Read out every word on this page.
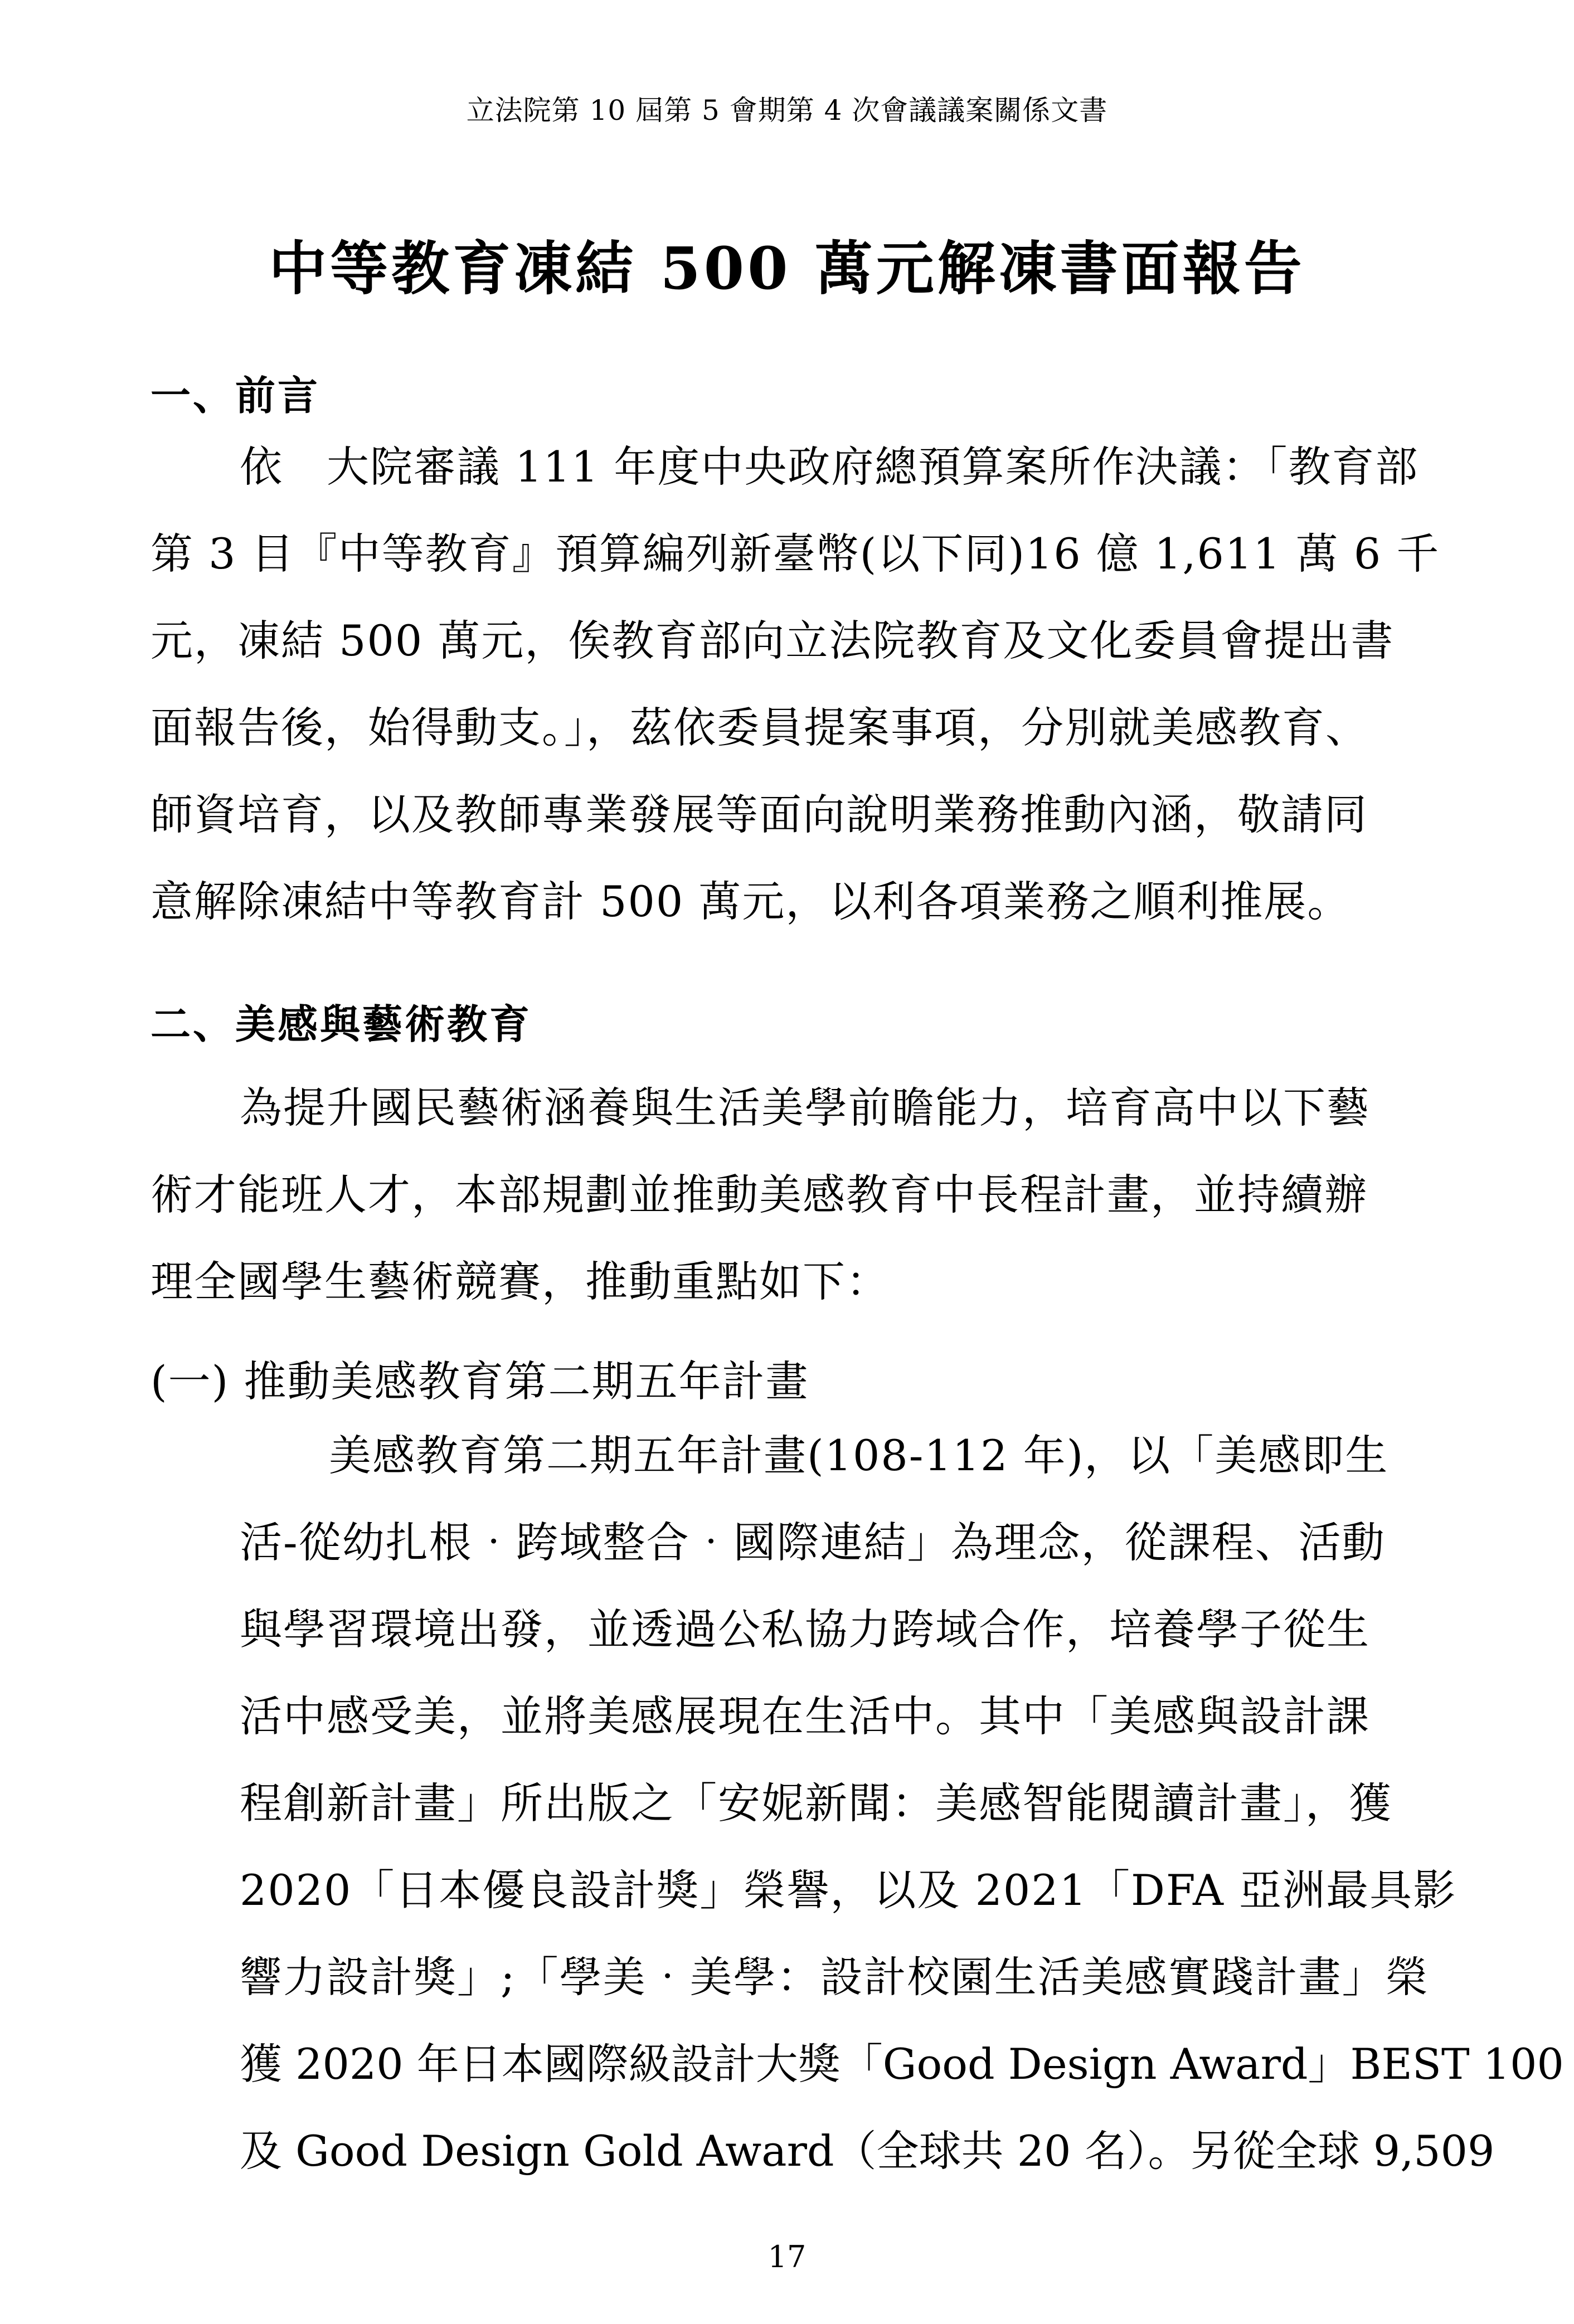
立法院第 10 屆第 5 會期第 4 次會議議案關係文書
中等教育凍結 500 萬元解凍書面報告
一、前言
依　大院審議 111 年度中央政府總預算案所作決議：「教育部
第 3 目『中等教育』預算編列新臺幣(以下同)16 億 1,611 萬 6 千
元，凍結 500 萬元，俟教育部向立法院教育及文化委員會提出書
面報告後，始得動支。」，茲依委員提案事項，分別就美感教育、
師資培育，以及教師專業發展等面向說明業務推動內涵，敬請同
意解除凍結中等教育計 500 萬元，以利各項業務之順利推展。
二、美感與藝術教育
為提升國民藝術涵養與生活美學前瞻能力，培育高中以下藝
術才能班人才，本部規劃並推動美感教育中長程計畫，並持續辦
理全國學生藝術競賽，推動重點如下：
(一) 推動美感教育第二期五年計畫
美感教育第二期五年計畫(108-112 年)，以「美感即生
活-從幼扎根‧跨域整合‧國際連結」為理念，從課程、活動
與學習環境出發，並透過公私協力跨域合作，培養學子從生
活中感受美，並將美感展現在生活中。其中「美感與設計課
程創新計畫」所出版之「安妮新聞：美感智能閱讀計畫」，獲
2020「日本優良設計獎」榮譽，以及 2021「DFA 亞洲最具影
響力設計獎」;「學美‧美學：設計校園生活美感實踐計畫」榮
獲 2020 年日本國際級設計大獎「Good Design Award」BEST 100
及 Good Design Gold Award（全球共 20 名）。另從全球 9,509
17
